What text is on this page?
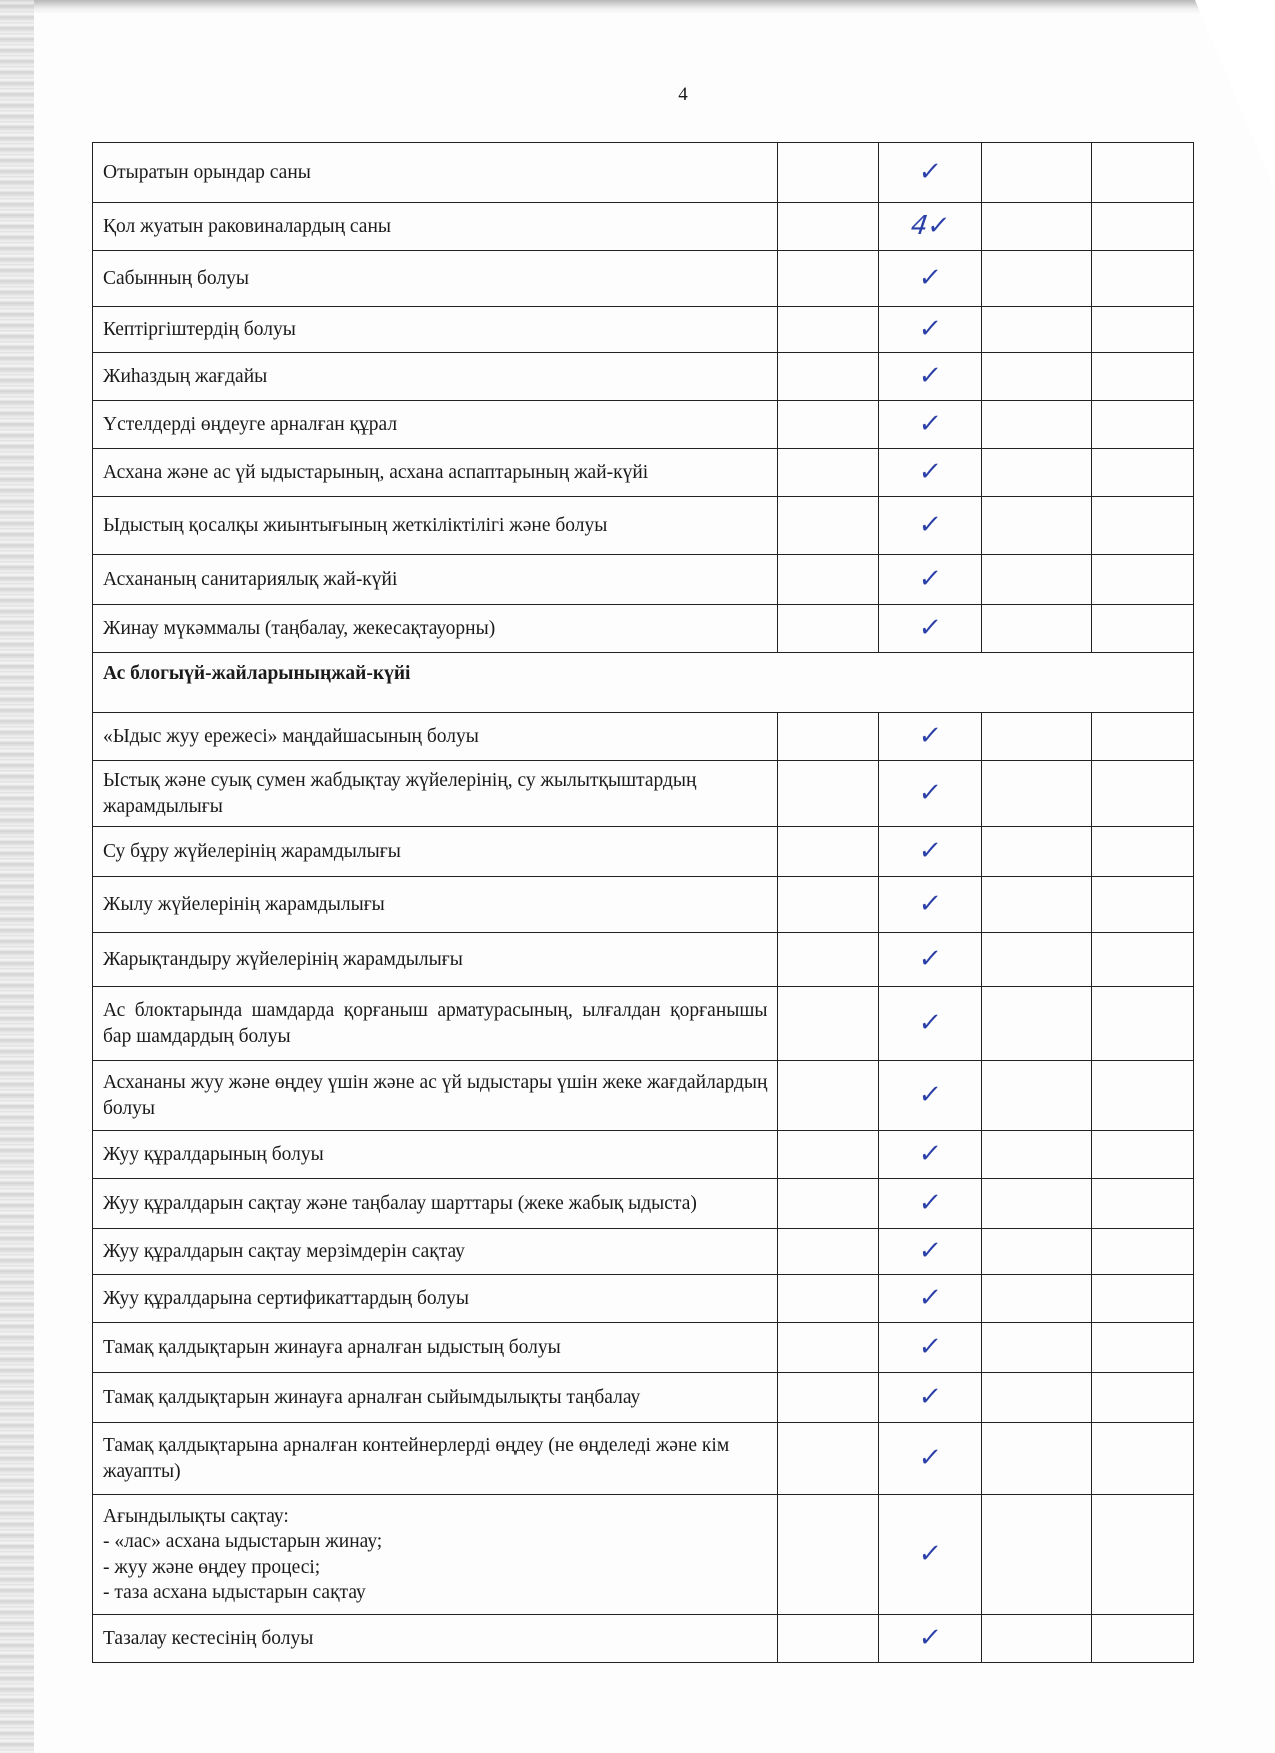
4
Отыратын орындар саны		✓		
Қол жуатын раковиналардың саны		4✓		
Сабынның болуы		✓		
Кептіргіштердің болуы		✓		
Жиһаздың жағдайы		✓		
Үстелдерді өңдеуге арналған құрал		✓		
Асхана және ас үй ыдыстарының, асхана аспаптарының жай-күйі		✓		
Ыдыстың қосалқы жиынтығының жеткіліктілігі және болуы		✓		
Асхананың санитариялық жай-күйі		✓		
Жинау мүкәммалы (таңбалау, жекесақтауорны)		✓		
Ас блогыүй-жайларыныңжай-күйі				
«Ыдыс жуу ережесі» маңдайшасының болуы		✓		
Ыстық және суық сумен жабдықтау жүйелерінің, су жылытқыштардың жарамдылығы		✓		
Су бұру жүйелерінің жарамдылығы		✓		
Жылу жүйелерінің жарамдылығы		✓		
Жарықтандыру жүйелерінің жарамдылығы		✓		
Ас блоктарында шамдарда қорғаныш арматурасының, ылғалдан қорғанышы бар шамдардың болуы		✓		
Асхананы жуу және өңдеу үшін және ас үй ыдыстары үшін жеке жағдайлардың болуы		✓		
Жуу құралдарының болуы		✓		
Жуу құралдарын сақтау және таңбалау шарттары (жеке жабық ыдыста)		✓		
Жуу құралдарын сақтау мерзімдерін сақтау		✓		
Жуу құралдарына сертификаттардың болуы		✓		
Тамақ қалдықтарын жинауға арналған ыдыстың болуы		✓		
Тамақ қалдықтарын жинауға арналған сыйымдылықты таңбалау		✓		
Тамақ қалдықтарына арналған контейнерлерді өңдеу (не өңделеді және кім жауапты)		✓		

Ағындылықты сақтау:
- «лас» асхана ыдыстарын жинау;
- жуу және өңдеу процесі;
- таза асхана ыдыстарын сақтау		✓		
Тазалау кестесінің болуы		✓		
